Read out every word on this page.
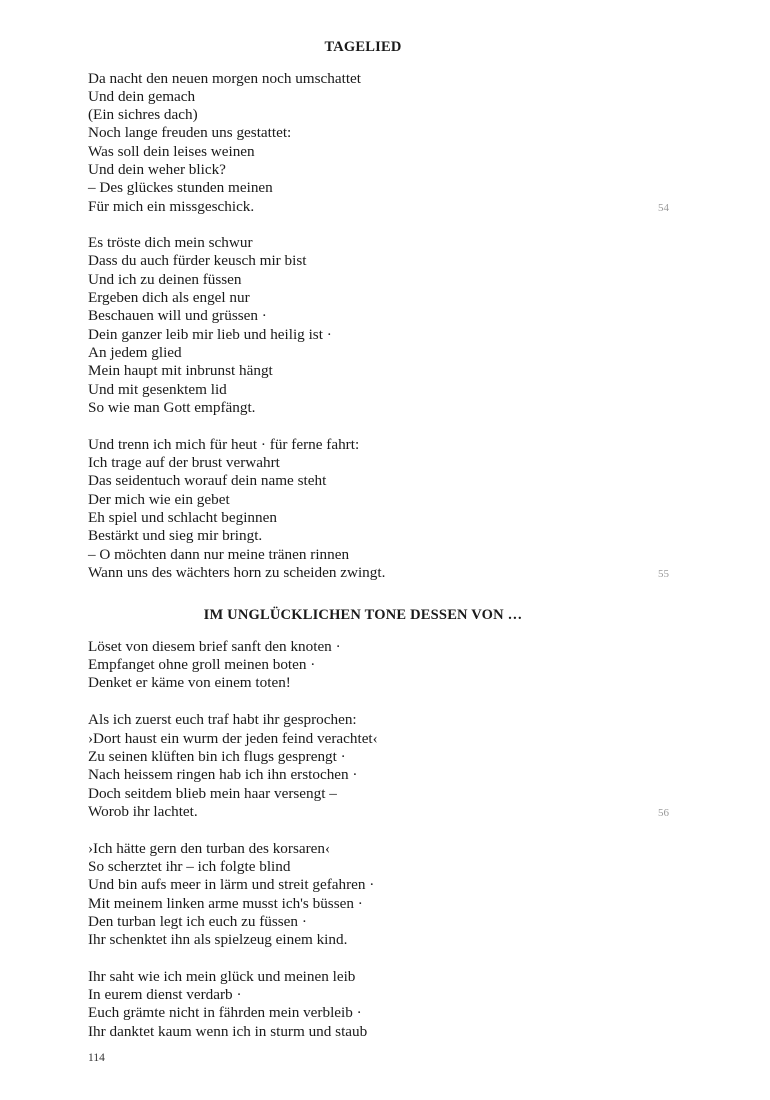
TAGELIED
Da nacht den neuen morgen noch umschattet
Und dein gemach
(Ein sichres dach)
Noch lange freuden uns gestattet:
Was soll dein leises weinen
Und dein weher blick?
– Des glückes stunden meinen
Für mich ein missgeschick.	54
Es tröste dich mein schwur
Dass du auch fürder keusch mir bist
Und ich zu deinen füssen
Ergeben dich als engel nur
Beschauen will und grüssen ·
Dein ganzer leib mir lieb und heilig ist ·
An jedem glied
Mein haupt mit inbrunst hängt
Und mit gesenktem lid
So wie man Gott empfängt.
Und trenn ich mich für heut · für ferne fahrt:
Ich trage auf der brust verwahrt
Das seidentuch worauf dein name steht
Der mich wie ein gebet
Eh spiel und schlacht beginnen
Bestärkt und sieg mir bringt.
– O möchten dann nur meine tränen rinnen
Wann uns des wächters horn zu scheiden zwingt.	55
IM UNGLÜCKLICHEN TONE DESSEN VON …
Löset von diesem brief sanft den knoten ·
Empfanget ohne groll meinen boten ·
Denket er käme von einem toten!
Als ich zuerst euch traf habt ihr gesprochen:
›Dort haust ein wurm der jeden feind verachtet‹
Zu seinen klüften bin ich flugs gesprengt ·
Nach heissem ringen hab ich ihn erstochen ·
Doch seitdem blieb mein haar versengt –
Worob ihr lachtet.	56
›Ich hätte gern den turban des korsaren‹
So scherztet ihr – ich folgte blind
Und bin aufs meer in lärm und streit gefahren ·
Mit meinem linken arme musst ich's büssen ·
Den turban legt ich euch zu füssen ·
Ihr schenktet ihn als spielzeug einem kind.
Ihr saht wie ich mein glück und meinen leib
In eurem dienst verdarb ·
Euch grämte nicht in fährden mein verbleib ·
Ihr danktet kaum wenn ich in sturm und staub
114
